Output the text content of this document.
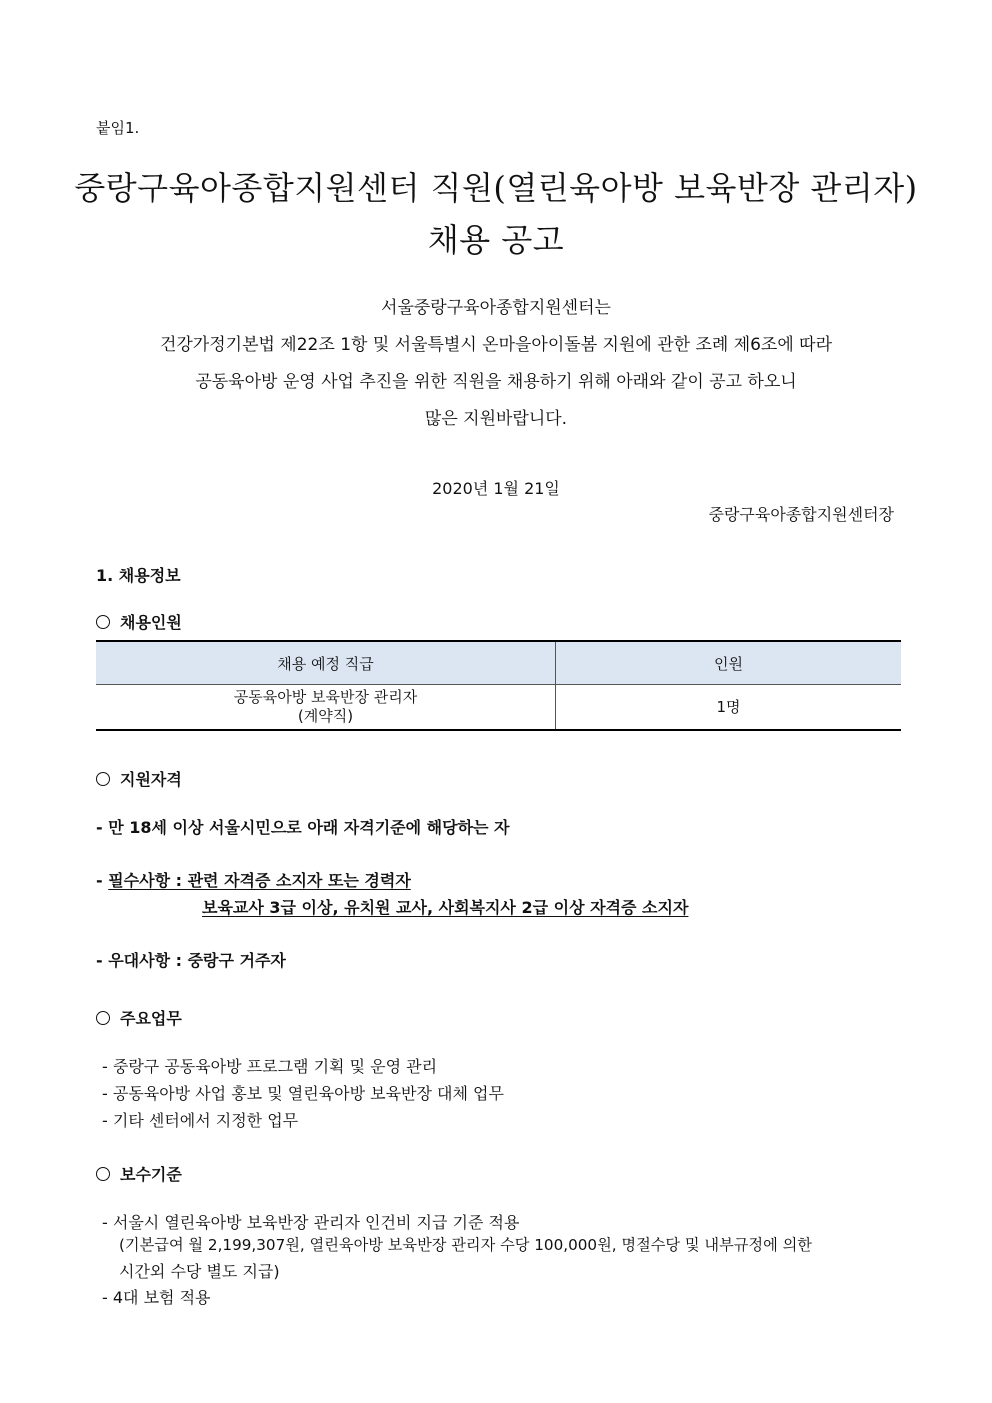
붙임1.
중랑구육아종합지원센터 직원(열린육아방 보육반장 관리자)
채용 공고
서울중랑구육아종합지원센터는
건강가정기본법 제22조 1항 및 서울특별시 온마을아이돌봄 지원에 관한 조례 제6조에 따라
공동육아방 운영 사업 추진을 위한 직원을 채용하기 위해 아래와 같이 공고 하오니
많은 지원바랍니다.
2020년 1월 21일
중랑구육아종합지원센터장
1. 채용정보
채용인원
채용 예정 직급	인원
공동육아방 보육반장 관리자
(계약직)	1명
지원자격
- 만 18세 이상 서울시민으로 아래 자격기준에 해당하는 자
- 필수사항 : 관련 자격증 소지자 또는 경력자
보육교사 3급 이상, 유치원 교사, 사회복지사 2급 이상 자격증 소지자
- 우대사항 : 중랑구 거주자
주요업무
- 중랑구 공동육아방 프로그램 기획 및 운영 관리
- 공동육아방 사업 홍보 및 열린육아방 보육반장 대체 업무
- 기타 센터에서 지정한 업무
보수기준
- 서울시 열린육아방 보육반장 관리자 인건비 지급 기준 적용
(기본급여 월 2,199,307원, 열린육아방 보육반장 관리자 수당 100,000원, 명절수당 및 내부규정에 의한
시간외 수당 별도 지급)
- 4대 보험 적용
